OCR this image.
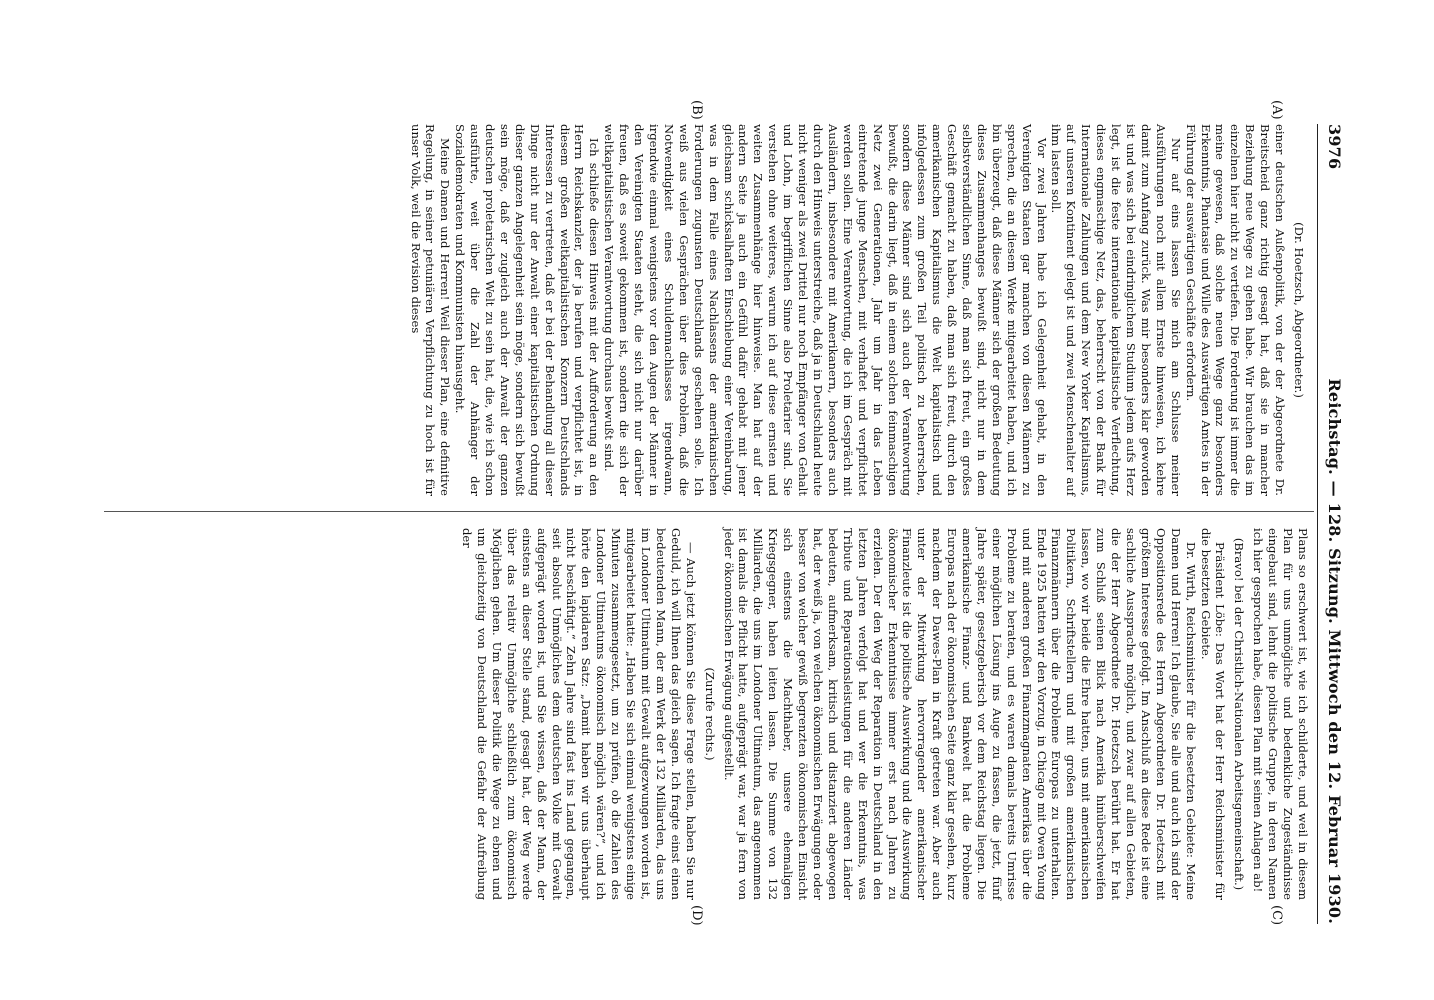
3976
Reichstag. — 128. Sitzung. Mittwoch den 12. Februar 1930.
(A)
(B)
(C)
(D)

(Dr. Hoetzsch, Abgeordneter.)

einer deutschen Außenpolitik, von der der Abgeordnete Dr. Breitscheid ganz richtig gesagt hat, daß sie in mancher Beziehung neue Wege zu gehen habe. Wir brauchen das im einzelnen hier nicht zu vertiefen. Die Forderung ist immer die meine gewesen, daß solche neuen Wege ganz besonders Erkenntnis, Phantasie und Wille des Auswärtigen Amtes in der Führung der auswärtigen Geschäfte erfordern.

Nur auf eins lassen Sie mich am Schlusse meiner Ausführungen noch mit allem Ernste hinweisen, ich kehre damit zum Anfang zurück. Was mir besonders klar geworden ist und was sich bei eindringlichem Studium jedem aufs Herz legt, ist die feste internationale kapitalistische Verflechtung, dieses engmaschige Netz, das, beherrscht von der Bank für Internationale Zahlungen und dem New Yorker Kapitalismus, auf unseren Kontinent gelegt ist und zwei Menschenalter auf ihm lasten soll.

Vor zwei Jahren habe ich Gelegenheit gehabt, in den Vereinigten Staaten gar manchen von diesen Männern zu sprechen, die an diesem Werke mitgearbeitet haben, und ich bin überzeugt, daß diese Männer sich der großen Bedeutung dieses Zusammenhanges bewußt sind, nicht nur in dem selbstverständlichen Sinne, daß man sich freut, ein großes Geschäft gemacht zu haben, daß man sich freut, durch den amerikanischen Kapitalismus die Welt kapitalistisch und infolgedessen zum großen Teil politisch zu beherrschen, sondern diese Männer sind sich auch der Verantwortung bewußt, die darin liegt, daß in einem solchen feinmaschigen Netz zwei Generationen, Jahr um Jahr in das Leben eintretende junge Menschen, mit verhaftet und verpflichtet werden sollen. Eine Verantwortung, die ich im Gespräch mit Ausländern, insbesondere mit Amerikanern, besonders auch durch den Hinweis unterstreiche, daß ja in Deutschland heute nicht weniger als zwei Drittel nur noch Empfänger von Gehalt und Lohn, im begrifflichen Sinne also Proletarier sind. Sie verstehen ohne weiteres, warum ich auf diese ernsten und weiten Zusammenhänge hier hinweise. Man hat auf der andern Seite ja auch ein Gefühl dafür gehabt mit jener gleichsam schicksalhaften Einschiebung einer Vereinbarung, was in dem Falle eines Nachlassens der amerikanischen Forderungen zugunsten Deutschlands geschehen solle. Ich weiß aus vielen Gesprächen über dies Problem, daß die Notwendigkeit eines Schuldennachlasses irgendwann, irgendwie einmal wenigstens vor den Augen der Männer in den Vereinigten Staaten steht, die sich nicht nur darüber freuen, daß es soweit gekommen ist, sondern die sich der weltkapitalistischen Verantwortung durchaus bewußt sind.

Ich schließe diesen Hinweis mit der Aufforderung an den Herrn Reichskanzler, der ja berufen und verpflichtet ist, in diesem großen weltkapitalistischen Konzern Deutschlands Interessen zu vertreten, daß er bei der Behandlung all dieser Dinge nicht nur der Anwalt einer kapitalistischen Ordnung dieser ganzen Angelegenheit sein möge, sondern sich bewußt sein möge, daß er zugleich auch der Anwalt der ganzen deutschen proletarischen Welt zu sein hat, die, wie ich schon ausführte, weit über die Zahl der Anhänger der Sozialdemokraten und Kommunisten hinausgeht.

Meine Damen und Herren! Weil dieser Plan, eine definitive Regelung, in seiner petuniären Verpflichtung zu hoch ist für unser Volk, weil die Revision dieses

Plans so erschwert ist, wie ich schilderte, und weil in diesem Plan für uns unmögliche und bedenkliche Zugeständnisse eingebaut sind, lehnt die politische Gruppe, in deren Namen ich hier gesprochen habe, diesen Plan mit seinen Anlagen ab!

(Bravo! bei der Christlich-Nationalen Arbeitsgemeinschaft.)

Präsident Löbe: Das Wort hat der Herr Reichsminister für die besetzten Gebiete.

Dr. Wirth, Reichsminister für die besetzten Gebiete: Meine Damen und Herren! Ich glaube, Sie alle und auch ich sind der Oppositionsrede des Herrn Abgeordneten Dr. Hoetzsch mit größtem Interesse gefolgt. Im Anschluß an diese Rede ist eine sachliche Aussprache möglich, und zwar auf allen Gebieten, die der Herr Abgeordnete Dr. Hoetzsch berührt hat. Er hat zum Schluß seinen Blick nach Amerika hinüberschweifen lassen, wo wir beide die Ehre hatten, uns mit amerikanischen Politikern, Schriftstellern und mit großen amerikanischen Finanzmännern über die Probleme Europas zu unterhalten. Ende 1925 hatten wir den Vorzug, in Chicago mit Owen Young und mit anderen großen Finanzmagnaten Amerikas über die Probleme zu beraten, und es waren damals bereits Umrisse einer möglichen Lösung ins Auge zu fassen, die jetzt, fünf Jahre später, gesetzgeberisch vor dem Reichstag liegen. Die amerikanische Finanz- und Bankwelt hat die Probleme Europas nach der ökonomischen Seite ganz klar gesehen, kurz nachdem der Dawes-Plan in Kraft getreten war. Aber auch unter der Mitwirkung hervorragender amerikanischer Finanzleute ist die politische Auswirkung und die Auswirkung ökonomischer Erkenntnisse immer erst nach Jahren zu erzielen. Der den Weg der Reparation in Deutschland in den letzten Jahren verfolgt hat und wer die Erkenntnis, was Tribute und Reparationsleistungen für die anderen Länder bedeuten, aufmerksam, kritisch und distanziert abgewogen hat, der weiß ja, von welchen ökonomischen Erwägungen oder besser von welcher gewiß begrenzten ökonomischen Einsicht sich einstens die Machthaber, unsere ehemaligen Kriegsgegner, haben leiten lassen. Die Summe von 132 Milliarden, die uns im Londoner Ultimatum, das angenommen ist damals die Pflicht hatte, aufgeprägt war, war ja fern von jeder ökonomischen Erwägung aufgestellt.

(Zurufe rechts.)

— Auch jetzt können Sie diese Frage stellen, haben Sie nur Geduld, ich will Ihnen das gleich sagen. Ich fragte einst einen bedeutenden Mann, der am Werk der 132 Milliarden, das uns im Londoner Ultimatum mit Gewalt aufgezwungen worden ist, mitgearbeitet hatte: „Haben Sie sich einmal wenigstens einige Minuten zusammengesetzt, um zu prüfen, ob die Zahlen des Londoner Ultimatums ökonomisch möglich wären?“, und ich hörte den lapidaren Satz: „Damit haben wir uns überhaupt nicht beschäftigt.“ Zehn Jahre sind fast ins Land gegangen, seit absolut Unmögliches dem deutschen Volke mit Gewalt aufgeprägt worden ist, und Sie wissen, daß der Mann, der einstens an dieser Stelle stand, gesagt hat, der Weg werde über das relativ Unmögliche schließlich zum ökonomisch Möglichen gehen. Um dieser Politik die Wege zu ebnen und um gleichzeitig von Deutschland die Gefahr der Aufreibung der
